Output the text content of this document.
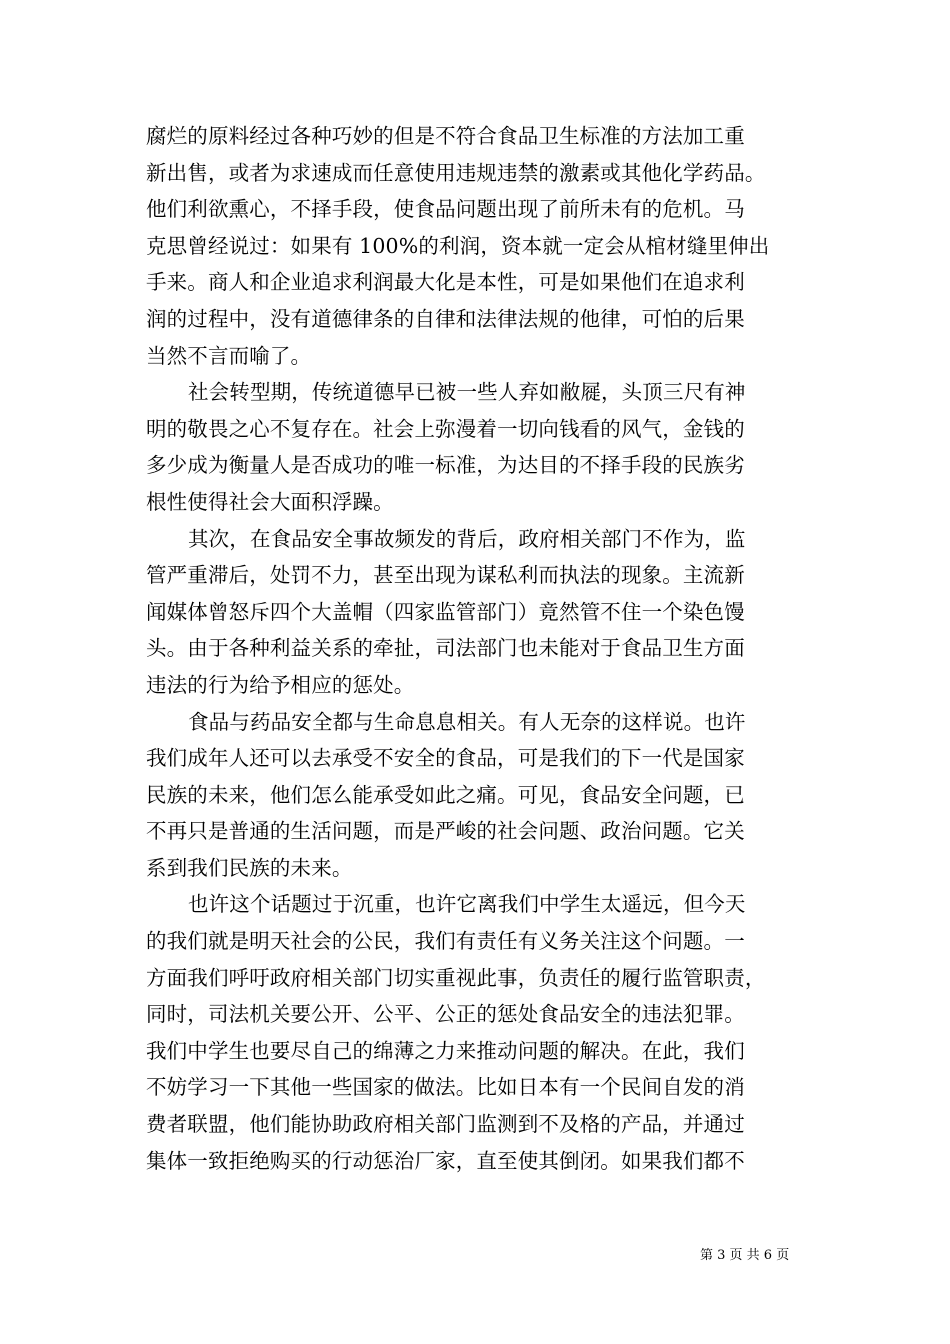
腐烂的原料经过各种巧妙的但是不符合食品卫生标准的方法加工重
新出售，或者为求速成而任意使用违规违禁的激素或其他化学药品。
他们利欲熏心，不择手段，使食品问题出现了前所未有的危机。马
克思曾经说过：如果有 100%的利润，资本就一定会从棺材缝里伸出
手来。商人和企业追求利润最大化是本性，可是如果他们在追求利
润的过程中，没有道德律条的自律和法律法规的他律，可怕的后果
当然不言而喻了。
社会转型期，传统道德早已被一些人弃如敝屣，头顶三尺有神
明的敬畏之心不复存在。社会上弥漫着一切向钱看的风气，金钱的
多少成为衡量人是否成功的唯一标准，为达目的不择手段的民族劣
根性使得社会大面积浮躁。
其次，在食品安全事故频发的背后，政府相关部门不作为，监
管严重滞后，处罚不力，甚至出现为谋私利而执法的现象。主流新
闻媒体曾怒斥四个大盖帽（四家监管部门）竟然管不住一个染色馒
头。由于各种利益关系的牵扯，司法部门也未能对于食品卫生方面
违法的行为给予相应的惩处。
食品与药品安全都与生命息息相关。有人无奈的这样说。也许
我们成年人还可以去承受不安全的食品，可是我们的下一代是国家
民族的未来，他们怎么能承受如此之痛。可见，食品安全问题，已
不再只是普通的生活问题，而是严峻的社会问题、政治问题。它关
系到我们民族的未来。
也许这个话题过于沉重，也许它离我们中学生太遥远，但今天
的我们就是明天社会的公民，我们有责任有义务关注这个问题。一
方面我们呼吁政府相关部门切实重视此事，负责任的履行监管职责，
同时，司法机关要公开、公平、公正的惩处食品安全的违法犯罪。
我们中学生也要尽自己的绵薄之力来推动问题的解决。在此，我们
不妨学习一下其他一些国家的做法。比如日本有一个民间自发的消
费者联盟，他们能协助政府相关部门监测到不及格的产品，并通过
集体一致拒绝购买的行动惩治厂家，直至使其倒闭。如果我们都不
第 3 页 共 6 页
